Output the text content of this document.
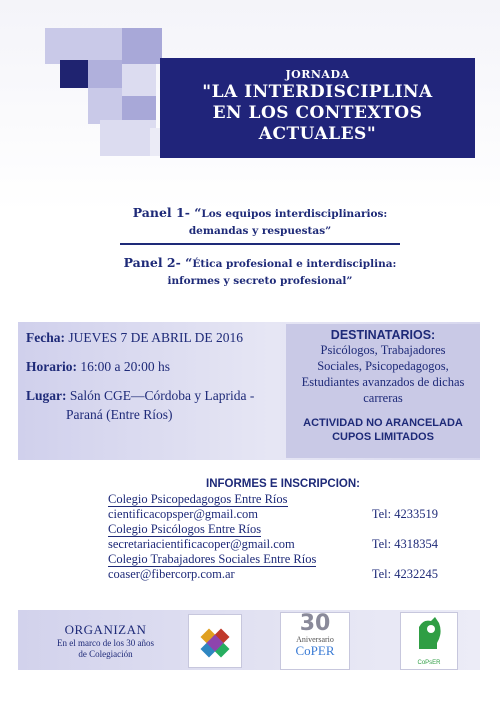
JORNADA
"LA INTERDISCIPLINA
EN LOS CONTEXTOS
ACTUALES"
Panel 1- “Los equipos interdisciplinarios:
demandas y respuestas”
Panel 2- “Ética profesional e interdisciplina:
informes y secreto profesional”
Fecha: JUEVES 7 DE ABRIL DE 2016
Horario: 16:00 a 20:00 hs
Lugar: Salón CGE—Córdoba y Laprida -
Paraná (Entre Ríos)
DESTINATARIOS:
Psicólogos, Trabajadores
Sociales, Psicopedagogos,
Estudiantes avanzados de dichas
carreras
ACTIVIDAD NO ARANCELADA
CUPOS LIMITADOS
INFORMES E INSCRIPCION:
Colegio Psicopedagogos Entre Ríos
cientificacopsper@gmail.com	Tel: 4233519
Colegio Psicólogos Entre Ríos
secretariacientificacoper@gmail.com	Tel: 4318354
Colegio Trabajadores Sociales Entre Ríos
coaser@fibercorp.com.ar	Tel: 4232245
ORGANIZAN
En el marco de los 30 años
de Colegiación
30
Aniversario
CoPER
CoPsER
